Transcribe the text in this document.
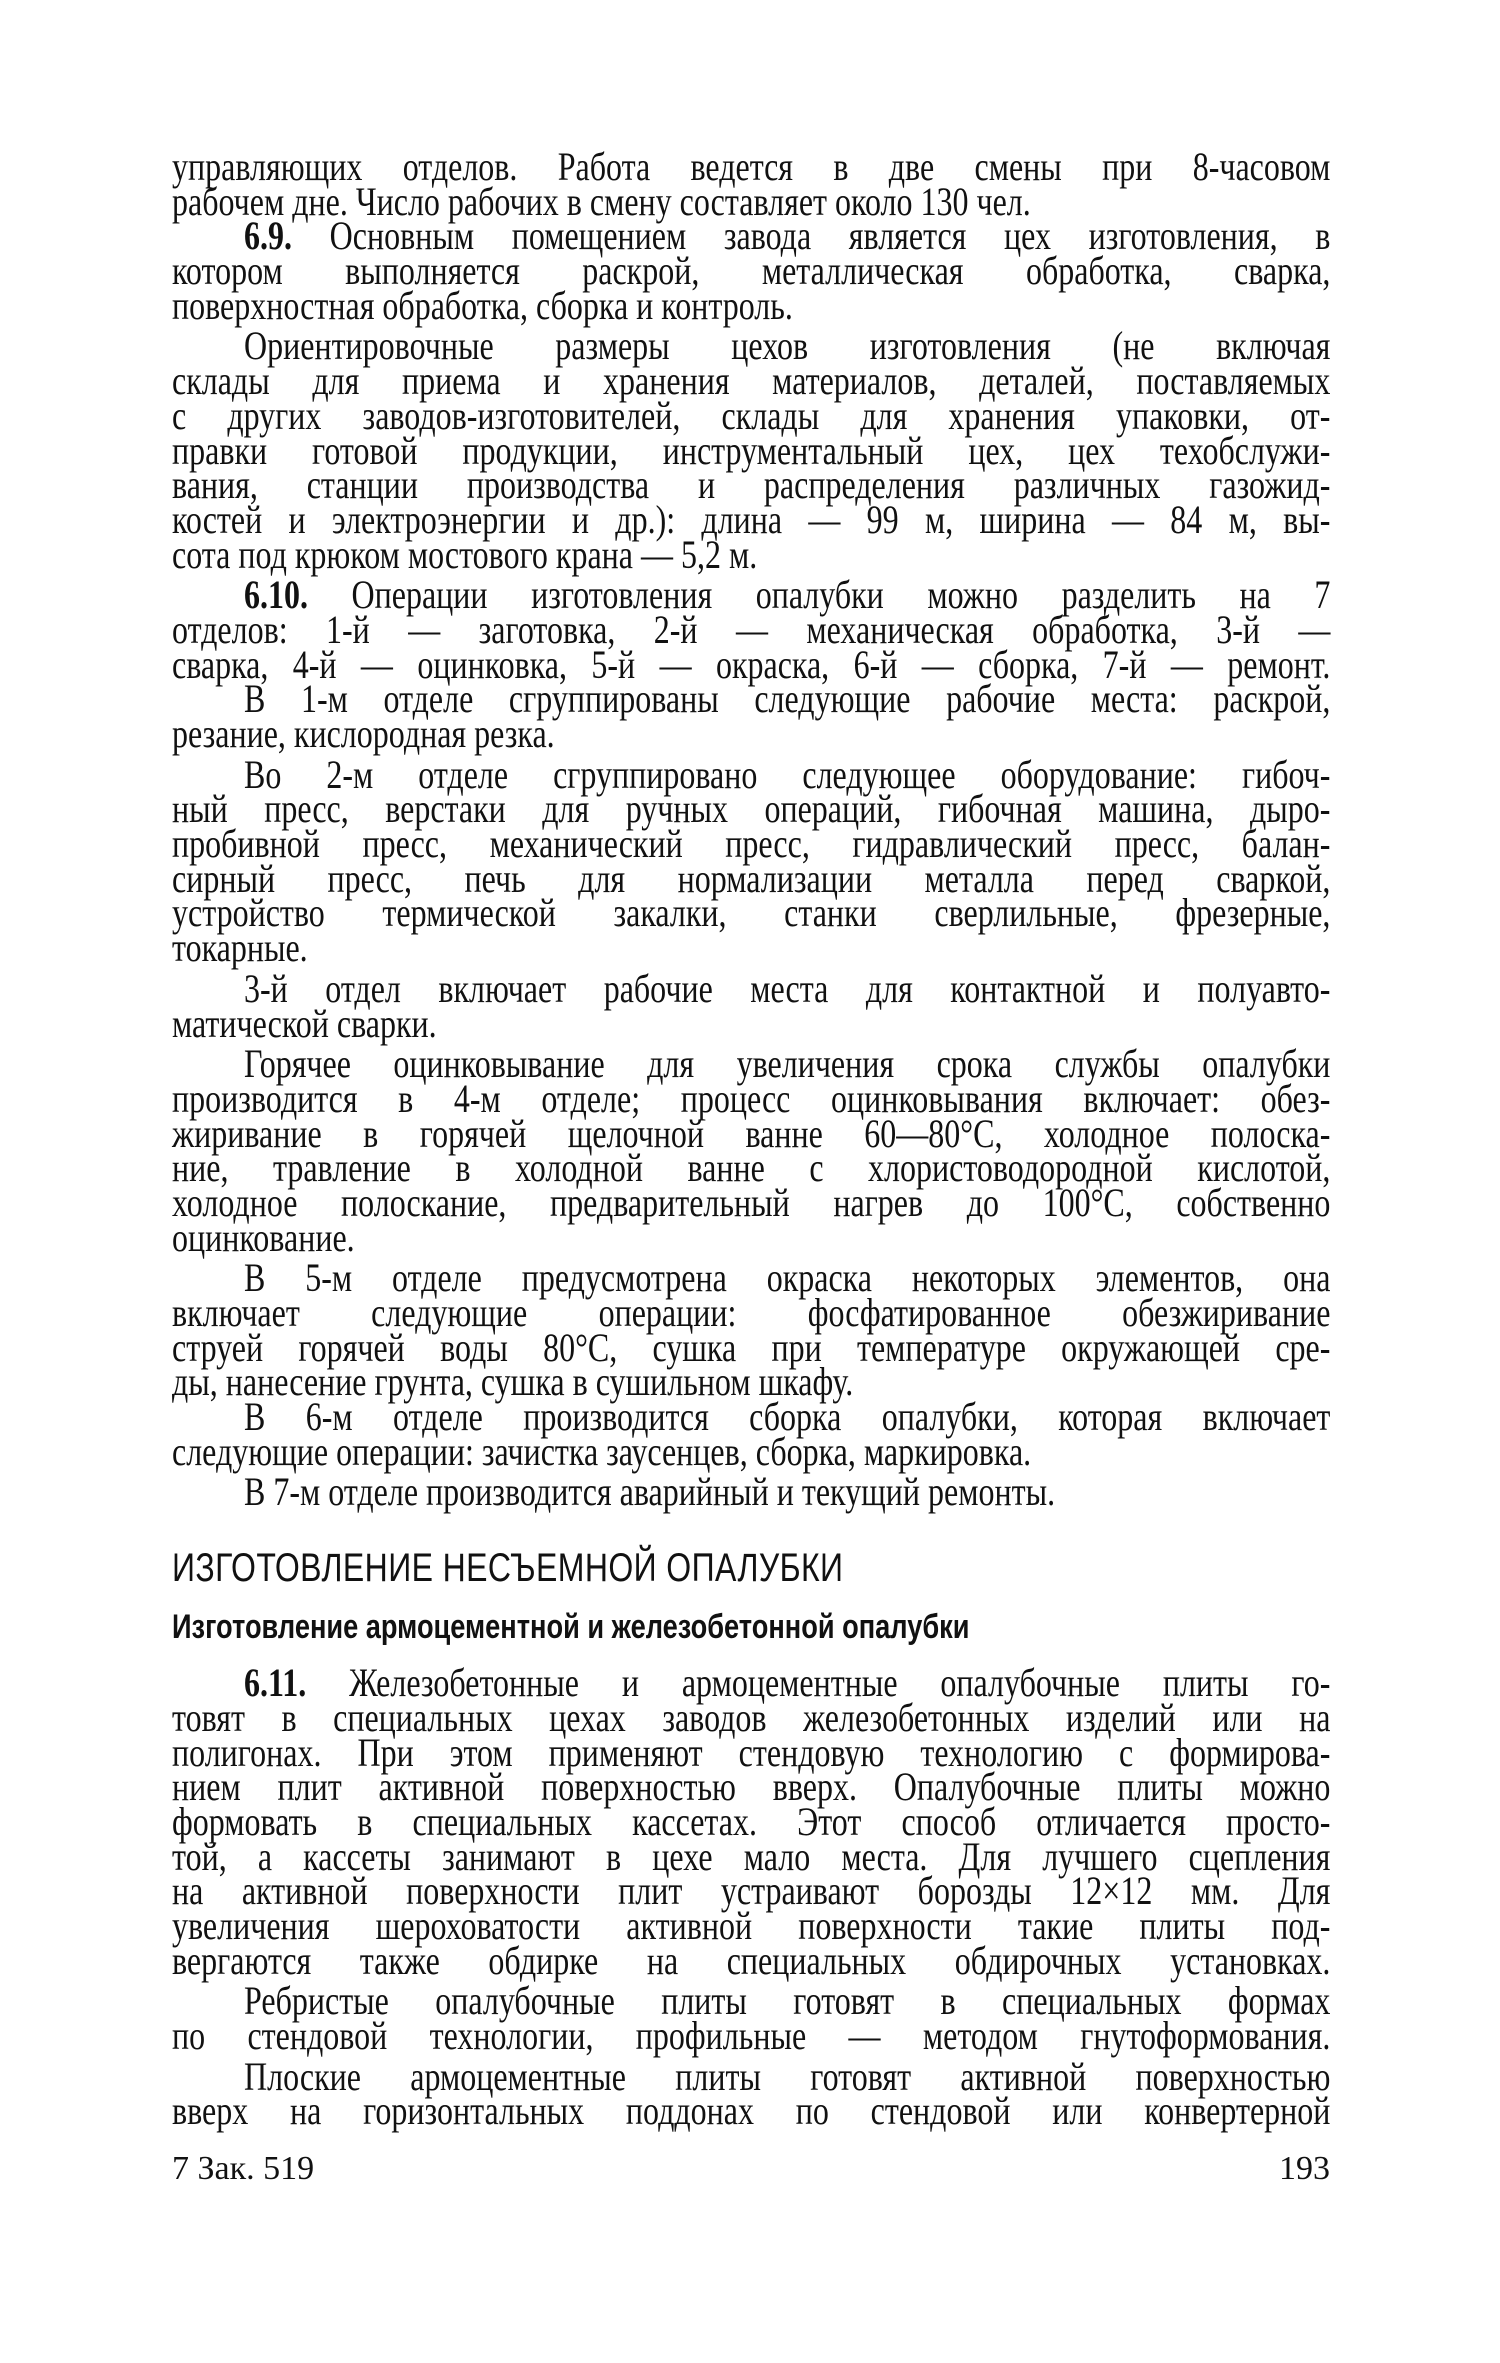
управляющих отделов. Работа ведется в две смены при 8-часовом
рабочем дне. Число рабочих в смену составляет около 130 чел.
6.9. Основным помещением завода является цех изготовления, в
котором выполняется раскрой, металлическая обработка, сварка,
поверхностная обработка, сборка и контроль.
Ориентировочные размеры цехов изготовления (не включая
склады для приема и хранения материалов, деталей, поставляемых
с других заводов-изготовителей, склады для хранения упаковки, от-
правки готовой продукции, инструментальный цех, цех техобслужи-
вания, станции производства и распределения различных газожид-
костей и электроэнергии и др.): длина — 99 м, ширина — 84 м, вы-
сота под крюком мостового крана — 5,2 м.
6.10. Операции изготовления опалубки можно разделить на 7
отделов: 1-й — заготовка, 2-й — механическая обработка, 3-й —
сварка, 4-й — оцинковка, 5-й — окраска, 6-й — сборка, 7-й — ремонт.
В 1-м отделе сгруппированы следующие рабочие места: раскрой,
резание, кислородная резка.
Во 2-м отделе сгруппировано следующее оборудование: гибоч-
ный пресс, верстаки для ручных операций, гибочная машина, дыро-
пробивной пресс, механический пресс, гидравлический пресс, балан-
сирный пресс, печь для нормализации металла перед сваркой,
устройство термической закалки, станки сверлильные, фрезерные,
токарные.
3-й отдел включает рабочие места для контактной и полуавто-
матической сварки.
Горячее оцинковывание для увеличения срока службы опалубки
производится в 4-м отделе; процесс оцинковывания включает: обез-
жиривание в горячей щелочной ванне 60—80°С, холодное полоска-
ние, травление в холодной ванне с хлористоводородной кислотой,
холодное полоскание, предварительный нагрев до 100°С, собственно
оцинкование.
В 5-м отделе предусмотрена окраска некоторых элементов, она
включает следующие операции: фосфатированное обезжиривание
струей горячей воды 80°С, сушка при температуре окружающей сре-
ды, нанесение грунта, сушка в сушильном шкафу.
В 6-м отделе производится сборка опалубки, которая включает
следующие операции: зачистка заусенцев, сборка, маркировка.
В 7-м отделе производится аварийный и текущий ремонты.
ИЗГОТОВЛЕНИЕ НЕСЪЕМНОЙ ОПАЛУБКИ
Изготовление армоцементной и железобетонной опалубки
6.11. Железобетонные и армоцементные опалубочные плиты го-
товят в специальных цехах заводов железобетонных изделий или на
полигонах. При этом применяют стендовую технологию с формирова-
нием плит активной поверхностью вверх. Опалубочные плиты можно
формовать в специальных кассетах. Этот способ отличается просто-
той, а кассеты занимают в цехе мало места. Для лучшего сцепления
на активной поверхности плит устраивают борозды 12×12 мм. Для
увеличения шероховатости активной поверхности такие плиты под-
вергаются также обдирке на специальных обдирочных установках.
Ребристые опалубочные плиты готовят в специальных формах
по стендовой технологии, профильные — методом гнутоформования.
Плоские армоцементные плиты готовят активной поверхностью
вверх на горизонтальных поддонах по стендовой или конвертерной
7 Зак. 519	193
